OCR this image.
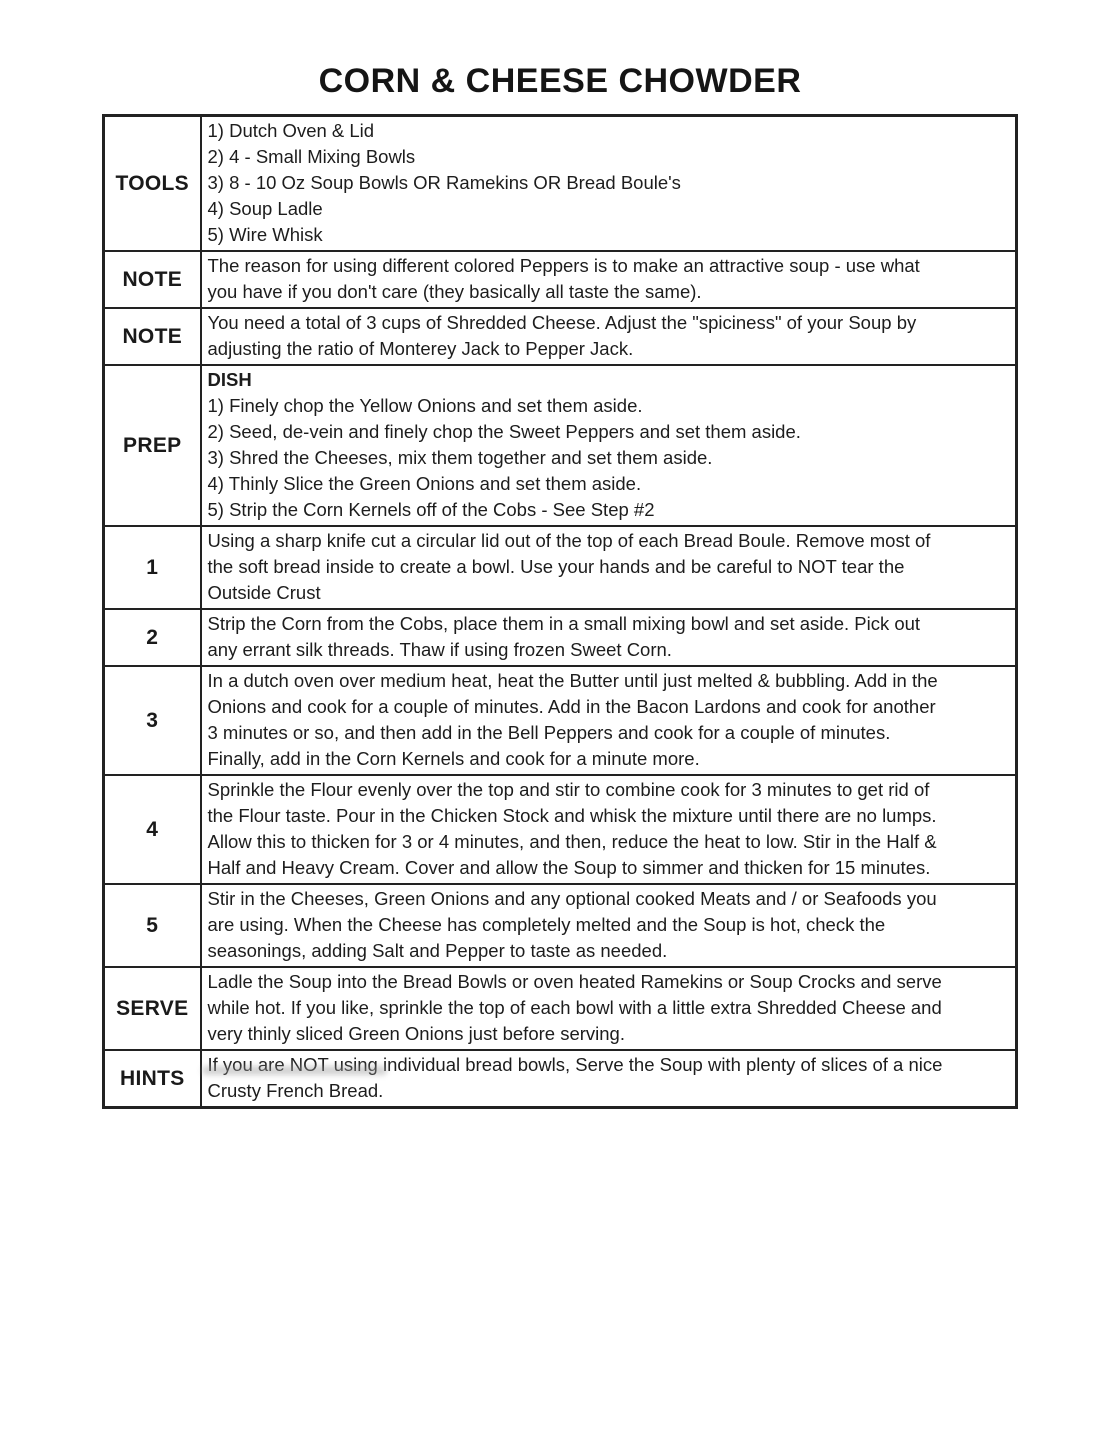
CORN & CHEESE CHOWDER
TOOLS	1) Dutch Oven & Lid
2) 4 - Small Mixing Bowls
3) 8 - 10 Oz Soup Bowls OR Ramekins OR Bread Boule's
4) Soup Ladle
5) Wire Whisk

NOTE	The reason for using different colored Peppers is to make an attractive soup - use what
you have if you don't care (they basically all taste the same).

NOTE	You need a total of 3 cups of Shredded Cheese. Adjust the "spiciness" of your Soup by
adjusting the ratio of Monterey Jack to Pepper Jack.

PREP	
DISH
1) Finely chop the Yellow Onions and set them aside.
2) Seed, de-vein and finely chop the Sweet Peppers and set them aside.
3) Shred the Cheeses, mix them together and set them aside.
4) Thinly Slice the Green Onions and set them aside.
5) Strip the Corn Kernels off of the Cobs - See Step #2

1	Using a sharp knife cut a circular lid out of the top of each Bread Boule. Remove most of
the soft bread inside to create a bowl. Use your hands and be careful to NOT tear the
Outside Crust

2	Strip the Corn from the Cobs, place them in a small mixing bowl and set aside. Pick out
any errant silk threads. Thaw if using frozen Sweet Corn.

3	In a dutch oven over medium heat, heat the Butter until just melted & bubbling. Add in the
Onions and cook for a couple of minutes. Add in the Bacon Lardons and cook for another
3 minutes or so, and then add in the Bell Peppers and cook for a couple of minutes.
Finally, add in the Corn Kernels and cook for a minute more.

4	Sprinkle the Flour evenly over the top and stir to combine cook for 3 minutes to get rid of
the Flour taste. Pour in the Chicken Stock and whisk the mixture until there are no lumps.
Allow this to thicken for 3 or 4 minutes, and then, reduce the heat to low. Stir in the Half &
Half and Heavy Cream. Cover and allow the Soup to simmer and thicken for 15 minutes.

5	Stir in the Cheeses, Green Onions and any optional cooked Meats and / or Seafoods you
are using. When the Cheese has completely melted and the Soup is hot, check the
seasonings, adding Salt and Pepper to taste as needed.

SERVE	Ladle the Soup into the Bread Bowls or oven heated Ramekins or Soup Crocks and serve
while hot. If you like, sprinkle the top of each bowl with a little extra Shredded Cheese and
very thinly sliced Green Onions just before serving.

HINTS	If you are NOT using individual bread bowls, Serve the Soup with plenty of slices of a nice
Crusty French Bread.
